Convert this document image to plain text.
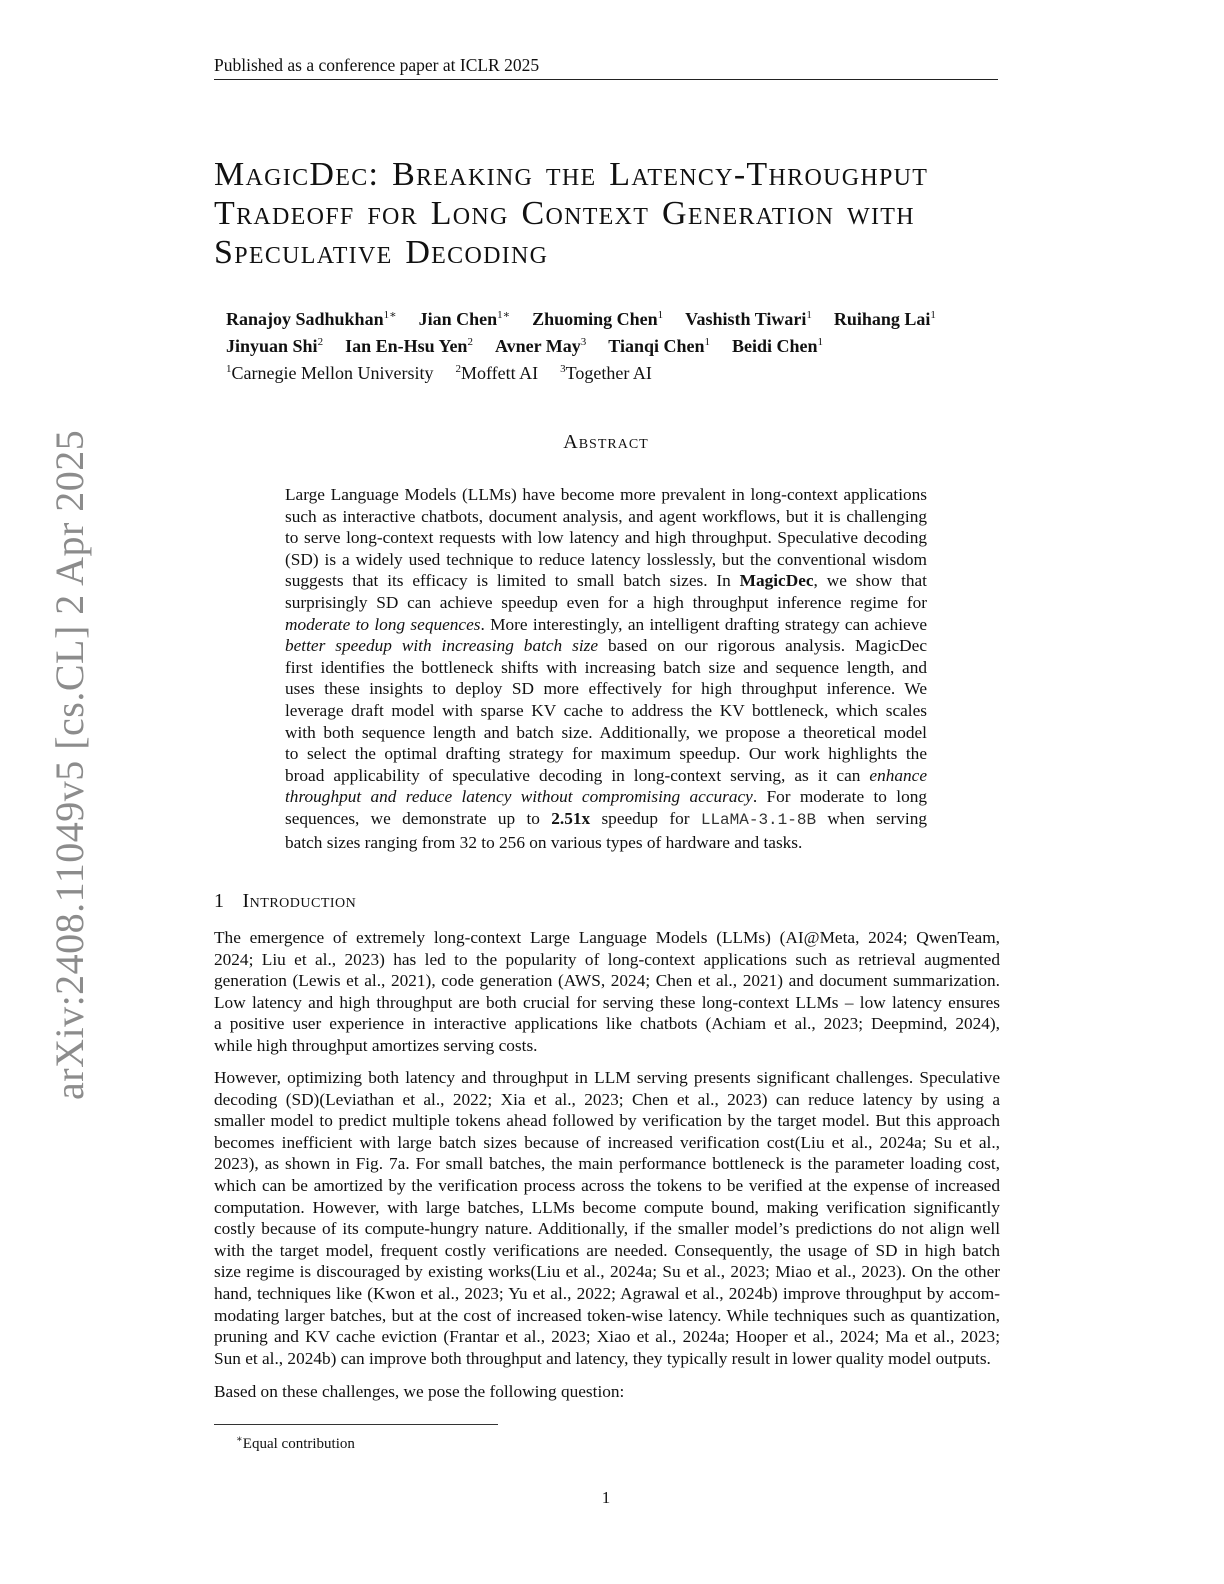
Published as a conference paper at ICLR 2025
arXiv:2408.11049v5 [cs.CL] 2 Apr 2025
MagicDec: Breaking the Latency-Throughput
Tradeoff for Long Context Generation with
Speculative Decoding
Ranajoy Sadhukhan$^{1∗}$ Jian Chen$^{1∗}$ Zhuoming Chen$^1$ Vashisth Tiwari$^1$ Ruihang Lai$^1$
Jinyuan Shi$^2$ Ian En-Hsu Yen$^2$ Avner May$^3$ Tianqi Chen$^1$ Beidi Chen$^1$
$^1$Carnegie Mellon University $^2$Moffett AI $^3$Together AI
Abstract
Large Language Models (LLMs) have become more prevalent in long-context applications
such as interactive chatbots, document analysis, and agent workflows, but it is challenging
to serve long-context requests with low latency and high throughput. Speculative decoding
(SD) is a widely used technique to reduce latency losslessly, but the conventional wisdom
suggests that its efficacy is limited to small batch sizes. In MagicDec, we show that
surprisingly SD can achieve speedup even for a high throughput inference regime for
moderate to long sequences. More interestingly, an intelligent drafting strategy can achieve
better speedup with increasing batch size based on our rigorous analysis. MagicDec
first identifies the bottleneck shifts with increasing batch size and sequence length, and
uses these insights to deploy SD more effectively for high throughput inference. We
leverage draft model with sparse KV cache to address the KV bottleneck, which scales
with both sequence length and batch size. Additionally, we propose a theoretical model
to select the optimal drafting strategy for maximum speedup. Our work highlights the
broad applicability of speculative decoding in long-context serving, as it can enhance
throughput and reduce latency without compromising accuracy. For moderate to long
sequences, we demonstrate up to 2.51x speedup for LLaMA-3.1-8B when serving
batch sizes ranging from 32 to 256 on various types of hardware and tasks.
1 Introduction
The emergence of extremely long-context Large Language Models (LLMs) (AI@Meta, 2024; QwenTeam,
2024; Liu et al., 2023) has led to the popularity of long-context applications such as retrieval augmented
generation (Lewis et al., 2021), code generation (AWS, 2024; Chen et al., 2021) and document summarization.
Low latency and high throughput are both crucial for serving these long-context LLMs – low latency ensures
a positive user experience in interactive applications like chatbots (Achiam et al., 2023; Deepmind, 2024),
while high throughput amortizes serving costs.
However, optimizing both latency and throughput in LLM serving presents significant challenges. Speculative
decoding (SD)(Leviathan et al., 2022; Xia et al., 2023; Chen et al., 2023) can reduce latency by using a
smaller model to predict multiple tokens ahead followed by verification by the target model. But this approach
becomes inefficient with large batch sizes because of increased verification cost(Liu et al., 2024a; Su et al.,
2023), as shown in Fig. 7a. For small batches, the main performance bottleneck is the parameter loading cost,
which can be amortized by the verification process across the tokens to be verified at the expense of increased
computation. However, with large batches, LLMs become compute bound, making verification significantly
costly because of its compute-hungry nature. Additionally, if the smaller model’s predictions do not align well
with the target model, frequent costly verifications are needed. Consequently, the usage of SD in high batch
size regime is discouraged by existing works(Liu et al., 2024a; Su et al., 2023; Miao et al., 2023). On the other
hand, techniques like (Kwon et al., 2023; Yu et al., 2022; Agrawal et al., 2024b) improve throughput by accom-
modating larger batches, but at the cost of increased token-wise latency. While techniques such as quantization,
pruning and KV cache eviction (Frantar et al., 2023; Xiao et al., 2024a; Hooper et al., 2024; Ma et al., 2023;
Sun et al., 2024b) can improve both throughput and latency, they typically result in lower quality model outputs.
Based on these challenges, we pose the following question:
∗Equal contribution
1
